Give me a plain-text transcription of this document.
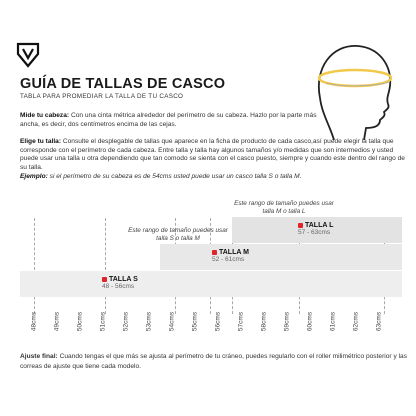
GUÍA DE TALLAS DE CASCO
TABLA PARA PROMEDIAR LA TALLA DE TU CASCO
Mide tu cabeza: Con una cinta métrica alrededor del perímetro de su cabeza. Hazlo por la parte más ancha, es decir, dos centímetros encima de las cejas.
Elige tu talla: Consulte el desplegable de tallas que aparece en la ficha de producto de cada casco,así puede elegir la talla que corresponde con el perímetro de cada cabeza. Entre talla y talla hay algunos tamaños y/o medidas que son intermedios y usted puede usar una talla u otra dependiendo que tan comodo se sienta con el casco puesto, siempre y cuando este dentro del rango de su talla.
Ejemplo: si el perímetro de su cabeza es de 54cms usted puede usar un casco talla S o talla M.
Este rango de tamaño puedes usar talla M o talla L
Este rango de tamaño puedes usar talla S o talla M
TALLA L
57 - 63cms
TALLA M
52 - 61cms
TALLA S
48 - 56cms
48cms 49cms 50cms 51cms 52cms 53cms 54cms 55cms 56cms 57cms 58cms 59cms 60cms 61cms 62cms 63cms
Ajuste final: Cuando tengas el que más se ajusta al perímetro de tu cráneo, puedes regularlo con el roller milimétrico posterior y las correas de ajuste que tiene cada modelo.
